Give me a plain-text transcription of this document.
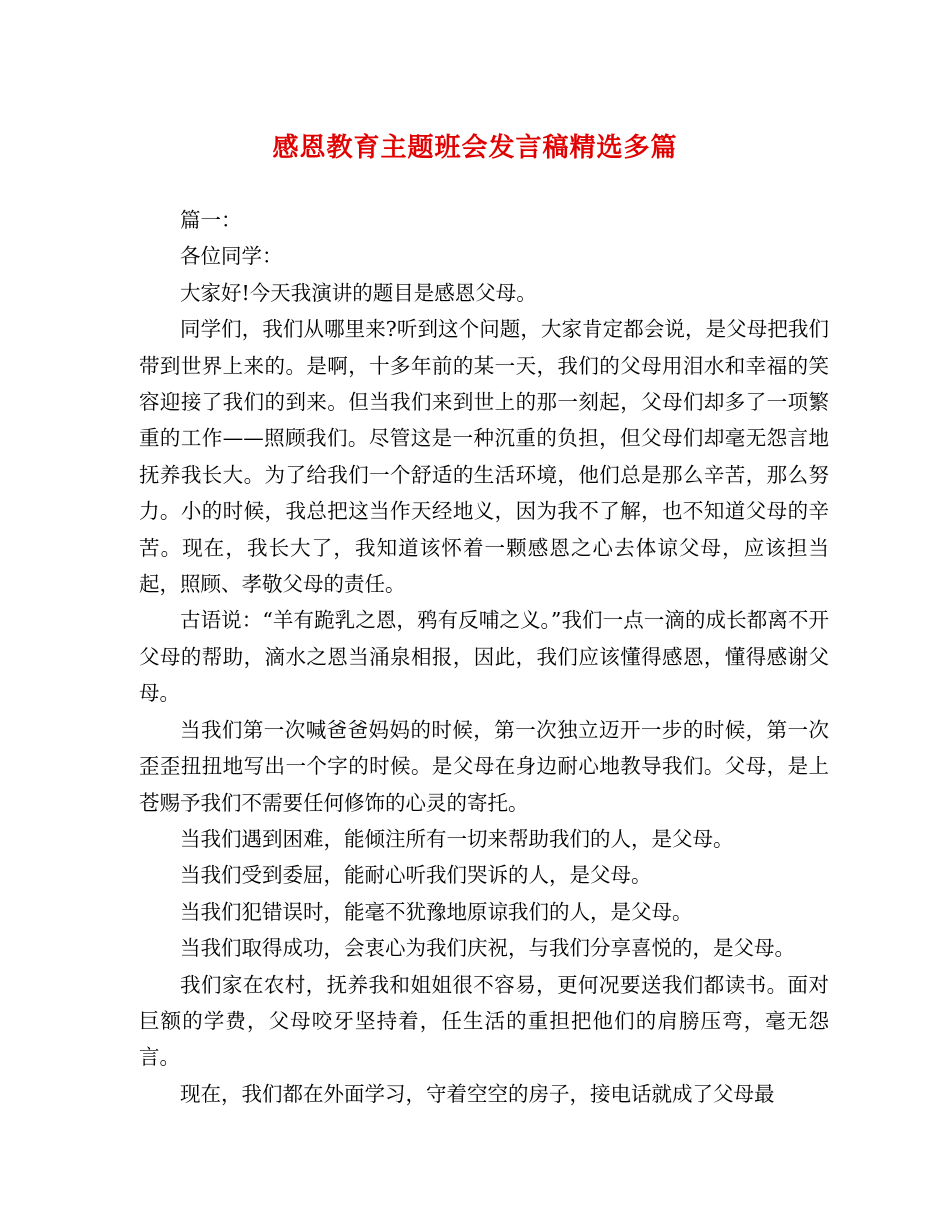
感恩教育主题班会发言稿精选多篇

篇一：

各位同学：

大家好!今天我演讲的题目是感恩父母。

同学们，我们从哪里来?听到这个问题，大家肯定都会说，是父母把我们带到世界上来的。是啊，十多年前的某一天，我们的父母用泪水和幸福的笑容迎接了我们的到来。但当我们来到世上的那一刻起，父母们却多了一项繁重的工作——照顾我们。尽管这是一种沉重的负担，但父母们却毫无怨言地抚养我长大。为了给我们一个舒适的生活环境，他们总是那么辛苦，那么努力。小的时候，我总把这当作天经地义，因为我不了解，也不知道父母的辛苦。现在，我长大了，我知道该怀着一颗感恩之心去体谅父母，应该担当起，照顾、孝敬父母的责任。

古语说：“羊有跪乳之恩，鸦有反哺之义。”我们一点一滴的成长都离不开父母的帮助，滴水之恩当涌泉相报，因此，我们应该懂得感恩，懂得感谢父母。

当我们第一次喊爸爸妈妈的时候，第一次独立迈开一步的时候，第一次歪歪扭扭地写出一个字的时候。是父母在身边耐心地教导我们。父母，是上苍赐予我们不需要任何修饰的心灵的寄托。

当我们遇到困难，能倾注所有一切来帮助我们的人，是父母。

当我们受到委屈，能耐心听我们哭诉的人，是父母。

当我们犯错误时，能毫不犹豫地原谅我们的人，是父母。

当我们取得成功，会衷心为我们庆祝，与我们分享喜悦的，是父母。

我们家在农村，抚养我和姐姐很不容易，更何况要送我们都读书。面对巨额的学费，父母咬牙坚持着，任生活的重担把他们的肩膀压弯，毫无怨言。

现在，我们都在外面学习，守着空空的房子，接电话就成了父母最
